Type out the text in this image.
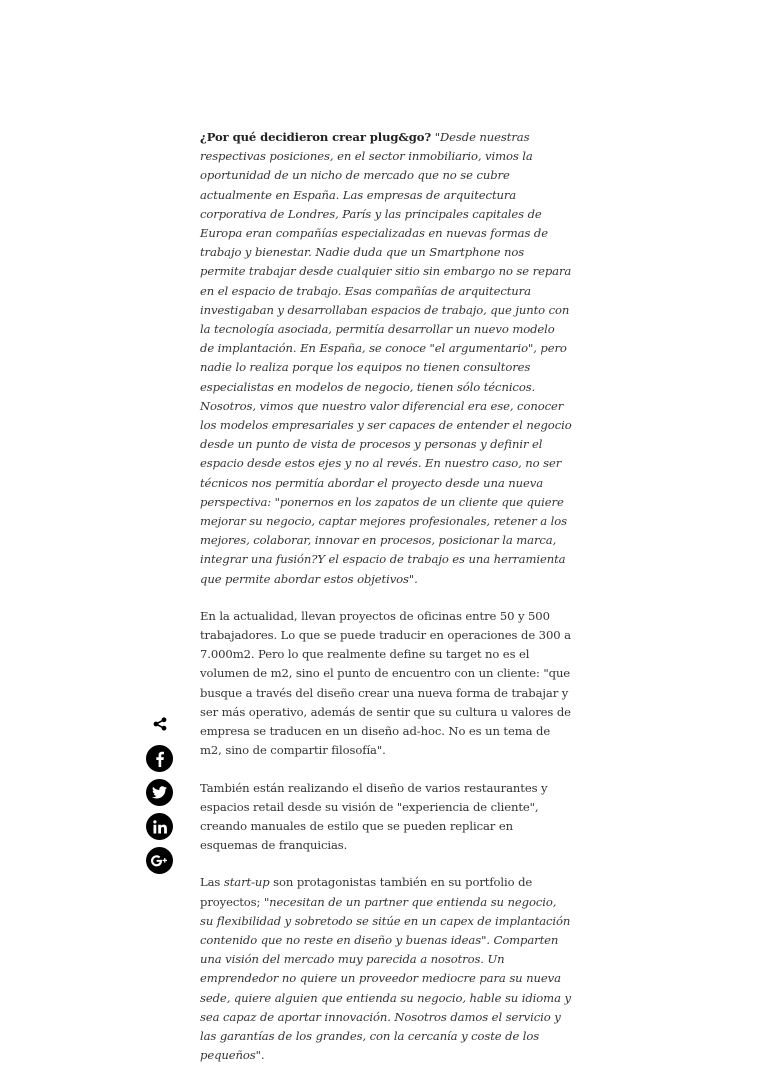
¿Por qué decidieron crear plug&go? "Desde nuestras respectivas posiciones, en el sector inmobiliario, vimos la oportunidad de un nicho de mercado que no se cubre actualmente en España. Las empresas de arquitectura corporativa de Londres, París y las principales capitales de Europa eran compañías especializadas en nuevas formas de trabajo y bienestar. Nadie duda que un Smartphone nos permite trabajar desde cualquier sitio sin embargo no se repara en el espacio de trabajo. Esas compañías de arquitectura investigaban y desarrollaban espacios de trabajo, que junto con la tecnología asociada, permitía desarrollar un nuevo modelo de implantación. En España, se conoce "el argumentario", pero nadie lo realiza porque los equipos no tienen consultores especialistas en modelos de negocio, tienen sólo técnicos. Nosotros, vimos que nuestro valor diferencial era ese, conocer los modelos empresariales y ser capaces de entender el negocio desde un punto de vista de procesos y personas y definir el espacio desde estos ejes y no al revés. En nuestro caso, no ser técnicos nos permitía abordar el proyecto desde una nueva perspectiva: "ponernos en los zapatos de un cliente que quiere mejorar su negocio, captar mejores profesionales, retener a los mejores, colaborar, innovar en procesos, posicionar la marca, integrar una fusión?Y el espacio de trabajo es una herramienta que permite abordar estos objetivos".

En la actualidad, llevan proyectos de oficinas entre 50 y 500 trabajadores. Lo que se puede traducir en operaciones de 300 a 7.000m2. Pero lo que realmente define su target no es el volumen de m2, sino el punto de encuentro con un cliente: "que busque a través del diseño crear una nueva forma de trabajar y ser más operativo, además de sentir que su cultura u valores de empresa se traducen en un diseño ad-hoc. No es un tema de m2, sino de compartir filosofía".

También están realizando el diseño de varios restaurantes y espacios retail desde su visión de "experiencia de cliente", creando manuales de estilo que se pueden replicar en esquemas de franquicias.

Las start-up son protagonistas también en su portfolio de proyectos; "necesitan de un partner que entienda su negocio, su flexibilidad y sobretodo se sitúe en un capex de implantación contenido que no reste en diseño y buenas ideas". Comparten una visión del mercado muy parecida a nosotros. Un emprendedor no quiere un proveedor mediocre para su nueva sede, quiere alguien que entienda su negocio, hable su idioma y sea capaz de aportar innovación. Nosotros damos el servicio y las garantías de los grandes, con la cercanía y coste de los pequeños".
